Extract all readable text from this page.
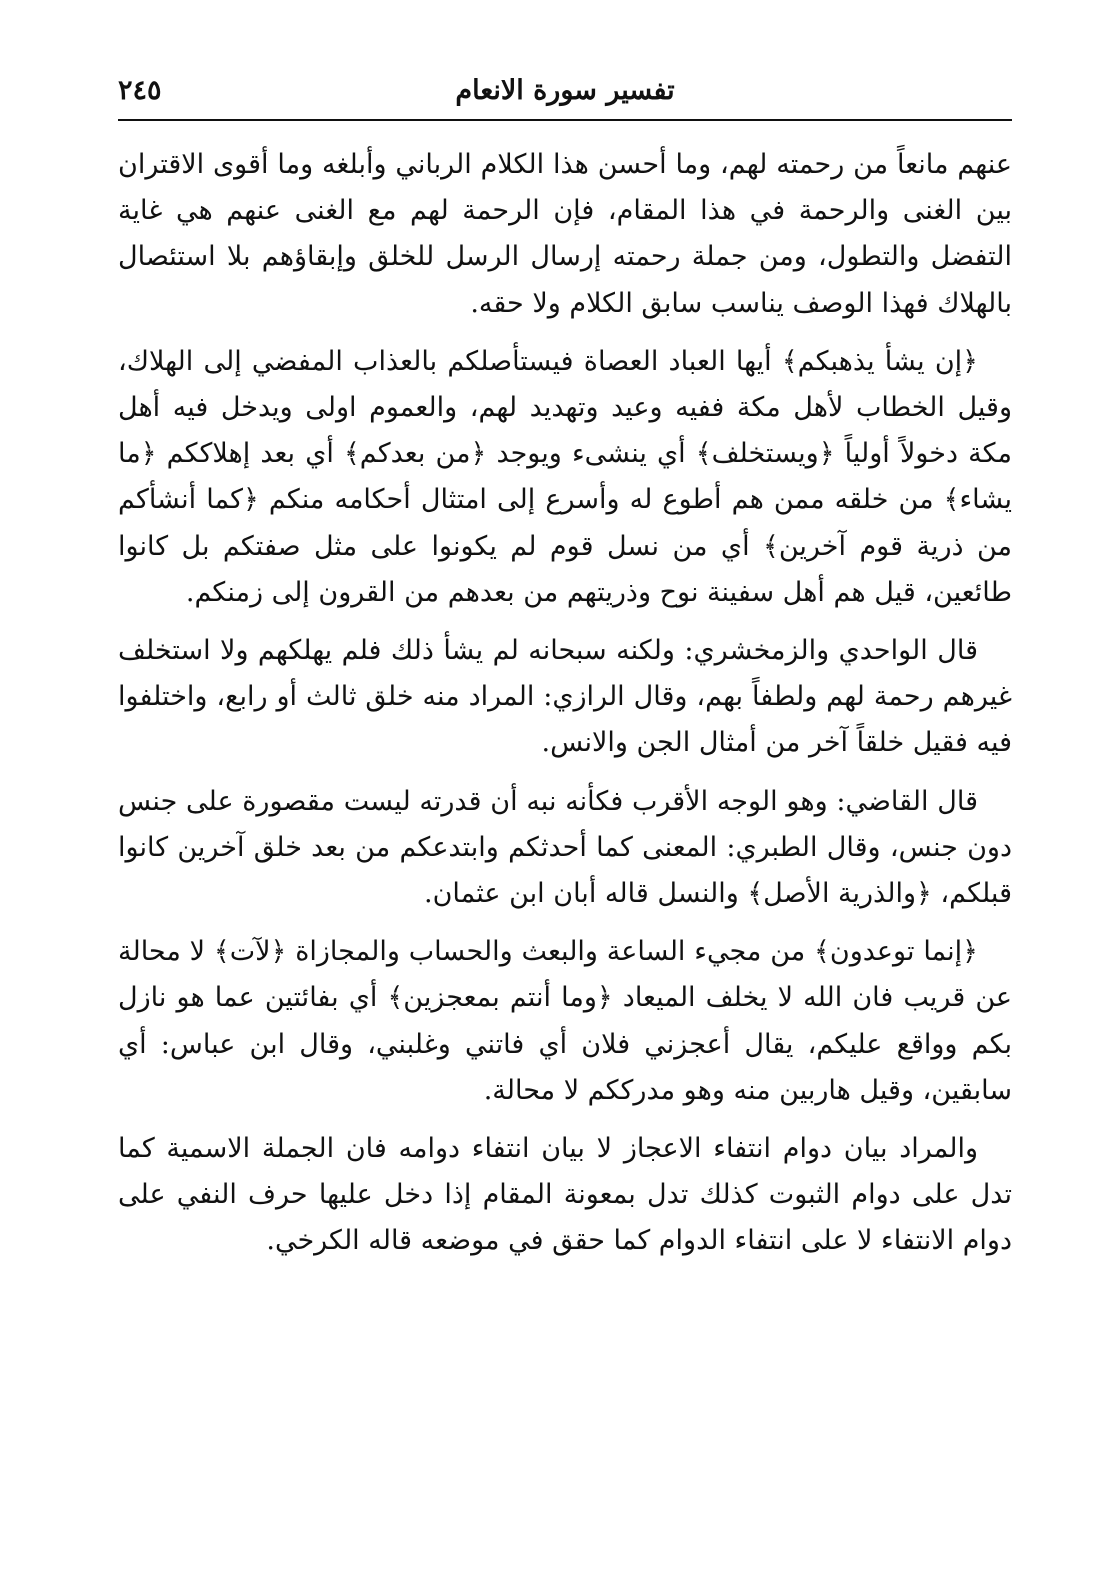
تفسير سورة الانعام
٢٤٥

عنهم مانعاً من رحمته لهم، وما أحسن هذا الكلام الرباني وأبلغه وما أقوى الاقتران بين الغنى والرحمة في هذا المقام، فإن الرحمة لهم مع الغنى عنهم هي غاية التفضل والتطول، ومن جملة رحمته إرسال الرسل للخلق وإبقاؤهم بلا استئصال بالهلاك فهذا الوصف يناسب سابق الكلام ولا حقه.

﴿إن يشأ يذهبكم﴾ أيها العباد العصاة فيستأصلكم بالعذاب المفضي إلى الهلاك، وقيل الخطاب لأهل مكة ففيه وعيد وتهديد لهم، والعموم اولى ويدخل فيه أهل مكة دخولاً أولياً ﴿ويستخلف﴾ أي ينشىء ويوجد ﴿من بعدكم﴾ أي بعد إهلاككم ﴿ما يشاء﴾ من خلقه ممن هم أطوع له وأسرع إلى امتثال أحكامه منكم ﴿كما أنشأكم من ذرية قوم آخرين﴾ أي من نسل قوم لم يكونوا على مثل صفتكم بل كانوا طائعين، قيل هم أهل سفينة نوح وذريتهم من بعدهم من القرون إلى زمنكم.

قال الواحدي والزمخشري: ولكنه سبحانه لم يشأ ذلك فلم يهلكهم ولا استخلف غيرهم رحمة لهم ولطفاً بهم، وقال الرازي: المراد منه خلق ثالث أو رابع، واختلفوا فيه فقيل خلقاً آخر من أمثال الجن والانس.

قال القاضي: وهو الوجه الأقرب فكأنه نبه أن قدرته ليست مقصورة على جنس دون جنس، وقال الطبري: المعنى كما أحدثكم وابتدعكم من بعد خلق آخرين كانوا قبلكم، ﴿والذرية الأصل﴾ والنسل قاله أبان ابن عثمان.

﴿إنما توعدون﴾ من مجيء الساعة والبعث والحساب والمجازاة ﴿لآت﴾ لا محالة عن قريب فان الله لا يخلف الميعاد ﴿وما أنتم بمعجزين﴾ أي بفائتين عما هو نازل بكم وواقع عليكم، يقال أعجزني فلان أي فاتني وغلبني، وقال ابن عباس: أي سابقين، وقيل هاربين منه وهو مدرككم لا محالة.

والمراد بيان دوام انتفاء الاعجاز لا بيان انتفاء دوامه فان الجملة الاسمية كما تدل على دوام الثبوت كذلك تدل بمعونة المقام إذا دخل عليها حرف النفي على دوام الانتفاء لا على انتفاء الدوام كما حقق في موضعه قاله الكرخي.
